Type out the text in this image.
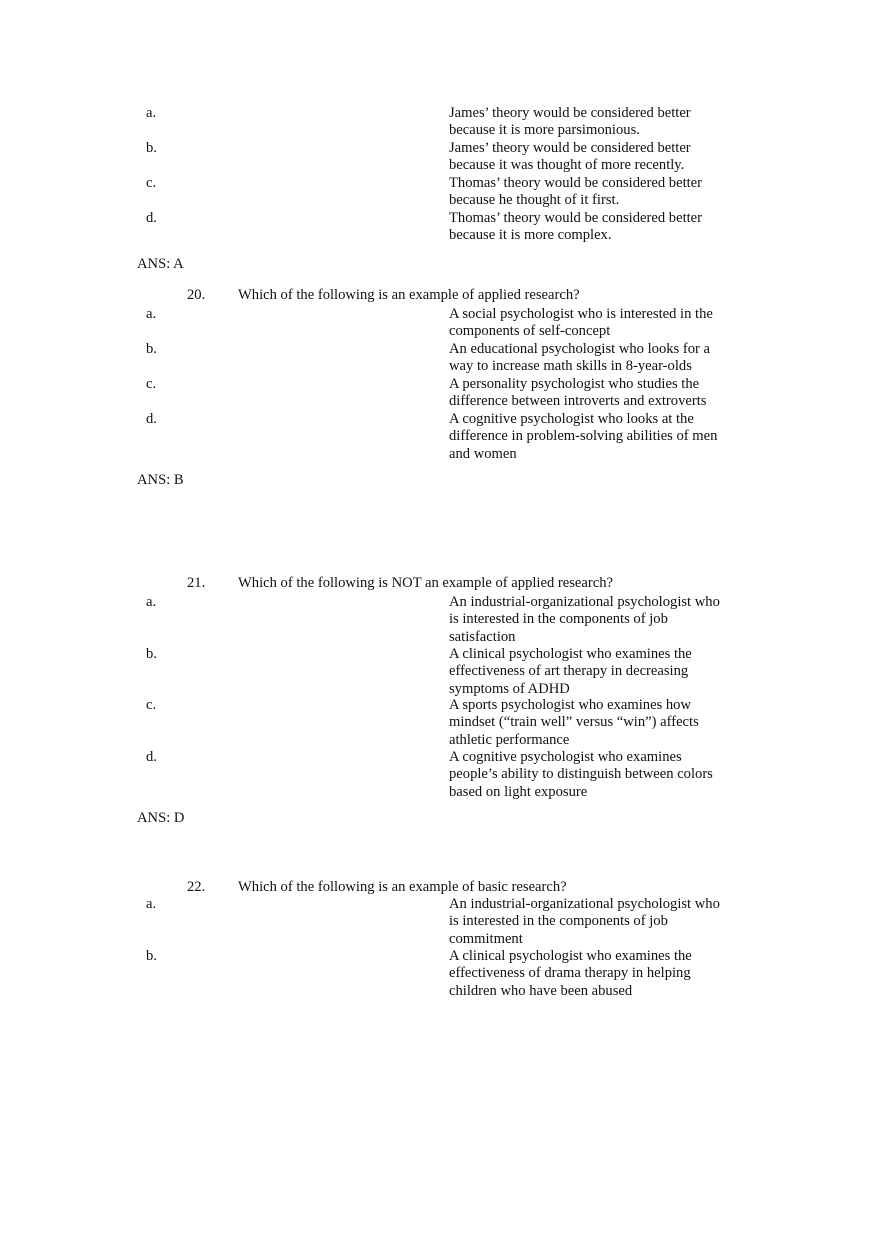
a.	James’ theory would be considered better
because it is more parsimonious.
b.	James’ theory would be considered better
because it was thought of more recently.
c.	Thomas’ theory would be considered better
because he thought of it first.
d.	Thomas’ theory would be considered better
because it is more complex.
ANS: A
20. Which of the following is an example of applied research?
a.	A social psychologist who is interested in the
components of self-concept
b.	An educational psychologist who looks for a
way to increase math skills in 8-year-olds
c.	A personality psychologist who studies the
difference between introverts and extroverts
d.	A cognitive psychologist who looks at the
difference in problem-solving abilities of men
and women
ANS: B
21. Which of the following is NOT an example of applied research?
a.	An industrial-organizational psychologist who
is interested in the components of job
satisfaction
b.	A clinical psychologist who examines the
effectiveness of art therapy in decreasing
symptoms of ADHD
c.	A sports psychologist who examines how
mindset (“train well” versus “win”) affects
athletic performance
d.	A cognitive psychologist who examines
people’s ability to distinguish between colors
based on light exposure
ANS: D
22. Which of the following is an example of basic research?
a.	An industrial-organizational psychologist who
is interested in the components of job
commitment
b.	A clinical psychologist who examines the
effectiveness of drama therapy in helping
children who have been abused
